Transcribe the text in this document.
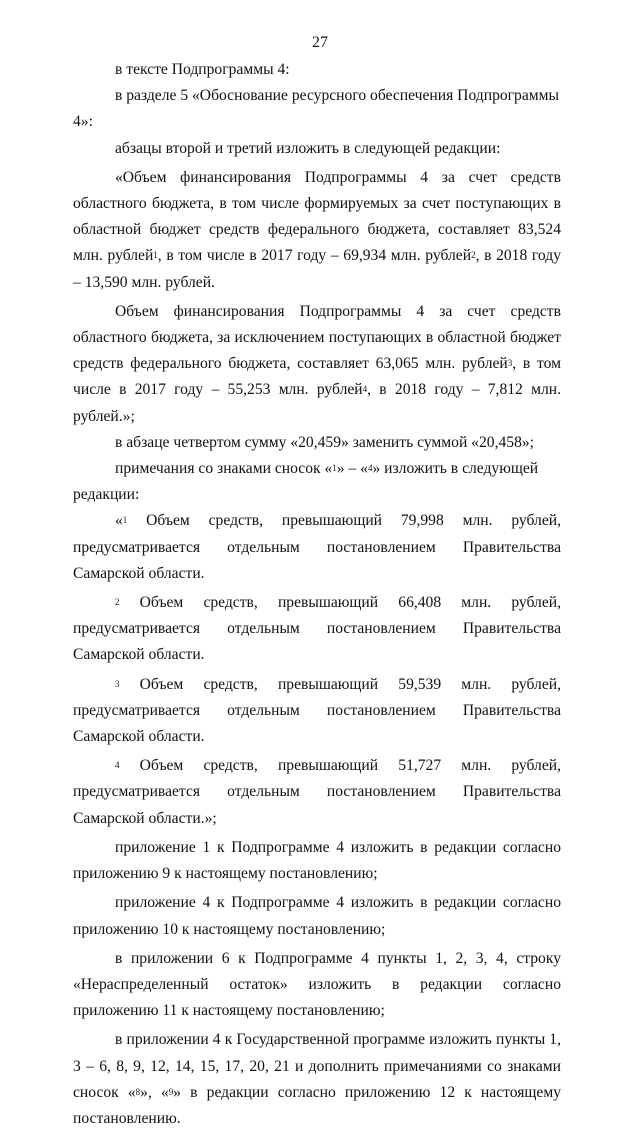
27

в тексте Подпрограммы 4:

в разделе 5 «Обоснование ресурсного обеспечения Подпрограммы 4»:

абзацы второй и третий изложить в следующей редакции:

«Объем финансирования Подпрограммы 4 за счет средств областного бюджета, в том числе формируемых за счет поступающих в областной бюджет средств федерального бюджета, составляет 83,524 млн. рублей$^1$, в том числе в 2017 году – 69,934 млн. рублей$^2$, в 2018 году – 13,590 млн. рублей.

Объем финансирования Подпрограммы 4 за счет средств областного бюджета, за исключением поступающих в областной бюджет средств федерального бюджета, составляет 63,065 млн. рублей$^3$, в том числе в 2017 году – 55,253 млн. рублей$^4$, в 2018 году – 7,812 млн. рублей.»;

в абзаце четвертом сумму «20,459» заменить суммой «20,458»;

примечания со знаками сносок «$^1$» – «$^4$» изложить в следующей редакции:

«$^1$ Объем средств, превышающий 79,998 млн. рублей, предусматривается отдельным постановлением Правительства Самарской области.

$^2$ Объем средств, превышающий 66,408 млн. рублей, предусматривается отдельным постановлением Правительства Самарской области.

$^3$ Объем средств, превышающий 59,539 млн. рублей, предусматривается отдельным постановлением Правительства Самарской области.

$^4$ Объем средств, превышающий 51,727 млн. рублей, предусматривается отдельным постановлением Правительства Самарской области.»;

приложение 1 к Подпрограмме 4 изложить в редакции согласно приложению 9 к настоящему постановлению;

приложение 4 к Подпрограмме 4 изложить в редакции согласно приложению 10 к настоящему постановлению;

в приложении 6 к Подпрограмме 4 пункты 1, 2, 3, 4, строку «Нераспределенный остаток» изложить в редакции согласно приложению 11 к настоящему постановлению;

в приложении 4 к Государственной программе изложить пункты 1, 3 – 6, 8, 9, 12, 14, 15, 17, 20, 21 и дополнить примечаниями со знаками сносок «$^8$», «$^9$» в редакции согласно приложению 12 к настоящему постановлению.
